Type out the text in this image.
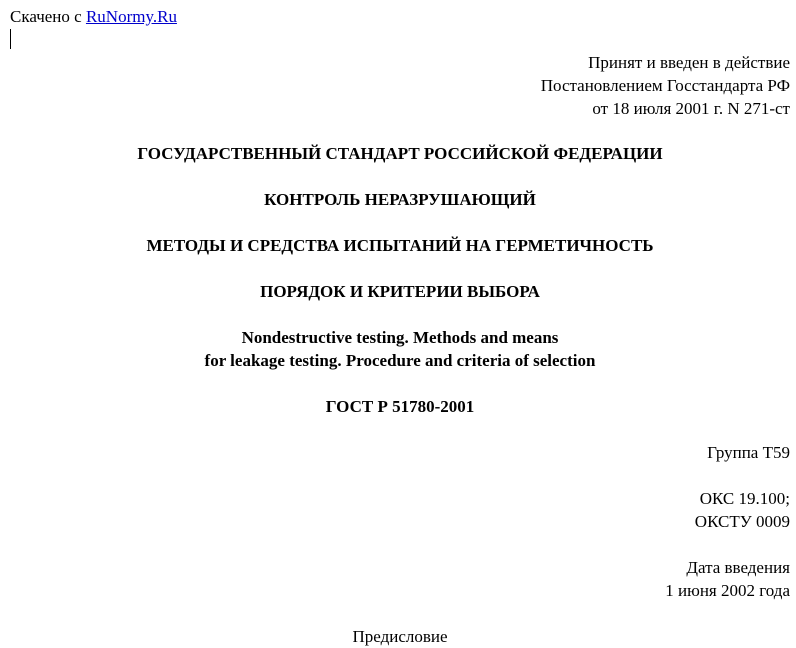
Скачено с RuNormy.Ru
Принят и введен в действие
Постановлением Госстандарта РФ
от 18 июля 2001 г. N 271-ст
ГОСУДАРСТВЕННЫЙ СТАНДАРТ РОССИЙСКОЙ ФЕДЕРАЦИИ
КОНТРОЛЬ НЕРАЗРУШАЮЩИЙ
МЕТОДЫ И СРЕДСТВА ИСПЫТАНИЙ НА ГЕРМЕТИЧНОСТЬ
ПОРЯДОК И КРИТЕРИИ ВЫБОРА
Nondestructive testing. Methods and means
for leakage testing. Procedure and criteria of selection
ГОСТ Р 51780-2001
Группа Т59
ОКС 19.100;
ОКСТУ 0009
Дата введения
1 июня 2002 года
Предисловие
